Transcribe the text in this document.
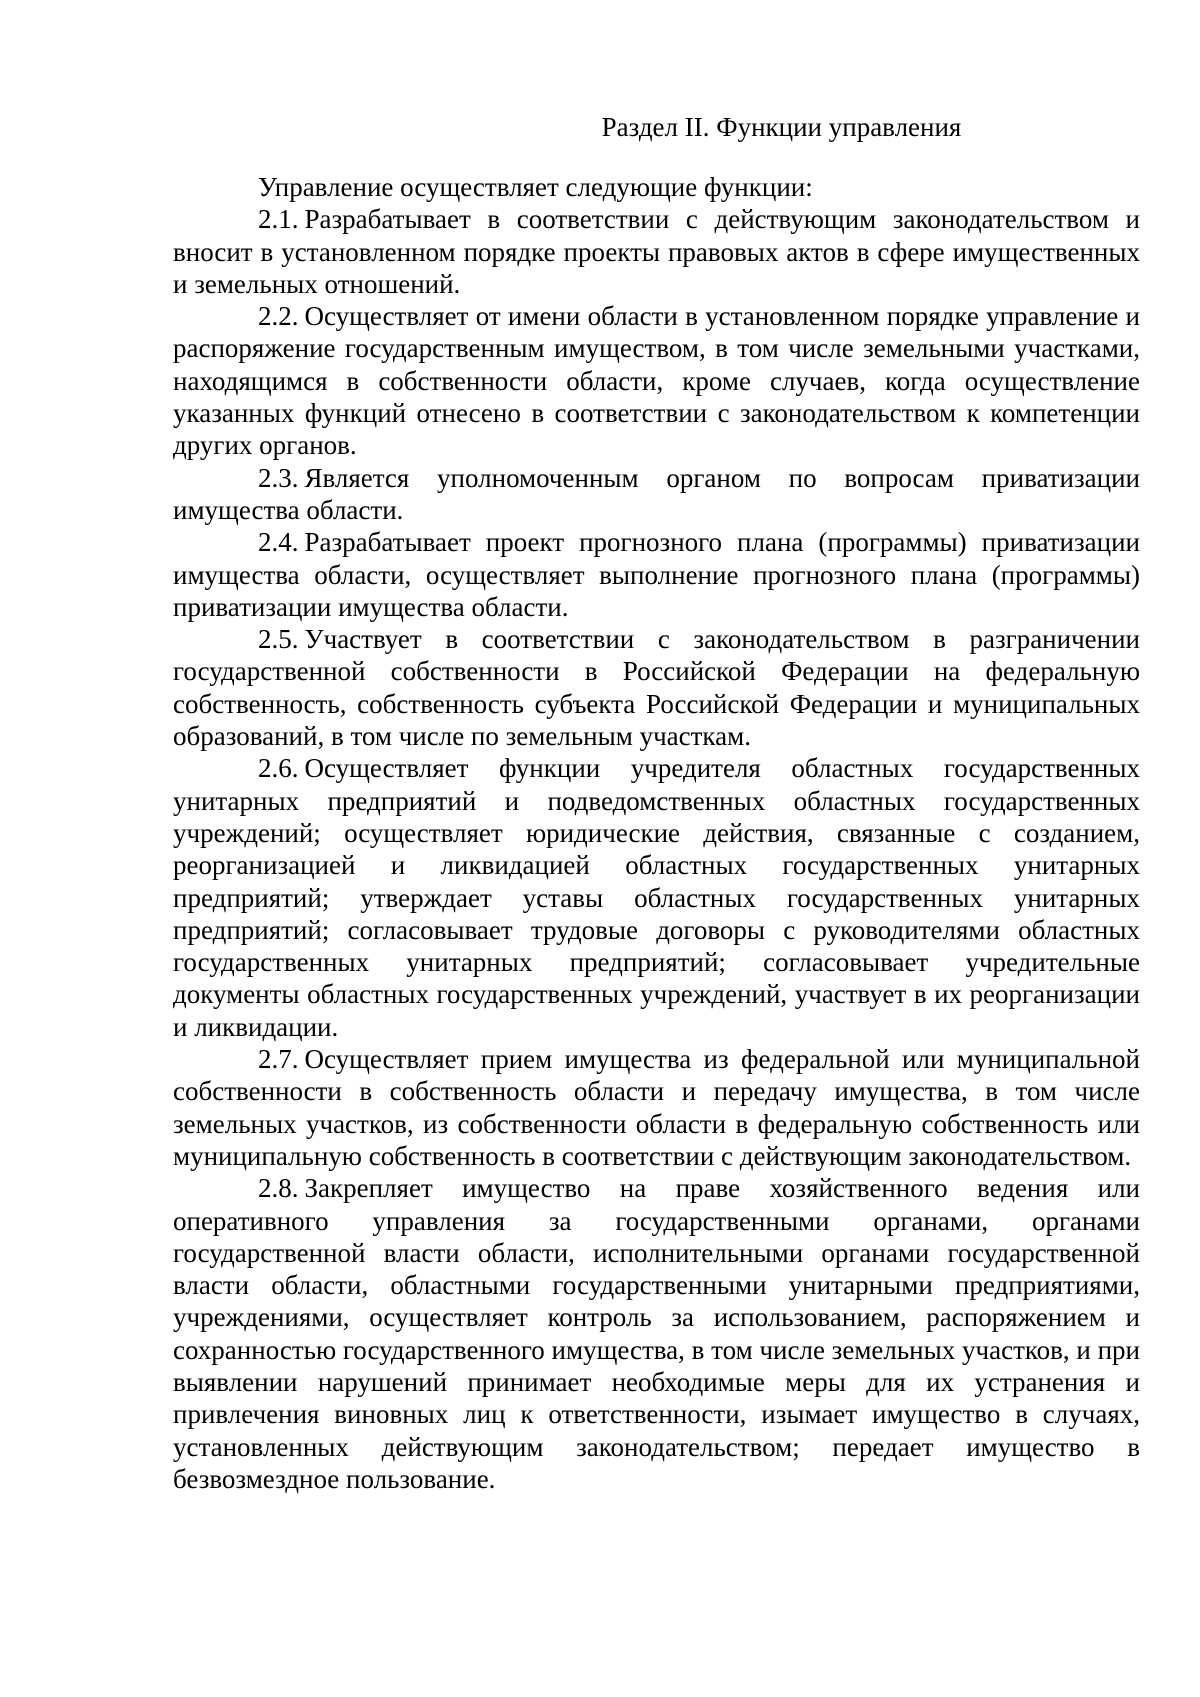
Раздел II. Функции управления

Управление осуществляет следующие функции:

2.1. Разрабатывает в соответствии с действующим законодательством и вносит в установленном порядке проекты правовых актов в сфере имущественных и земельных отношений.

2.2. Осуществляет от имени области в установленном порядке управление и распоряжение государственным имуществом, в том числе земельными участками, находящимся в собственности области, кроме случаев, когда осуществление указанных функций отнесено в соответствии с законодательством к компетенции других органов.

2.3. Является уполномоченным органом по вопросам приватизации имущества области.

2.4. Разрабатывает проект прогнозного плана (программы) приватизации имущества области, осуществляет выполнение прогнозного плана (программы) приватизации имущества области.

2.5. Участвует в соответствии с законодательством в разграничении государственной собственности в Российской Федерации на федеральную собственность, собственность субъекта Российской Федерации и муниципальных образований, в том числе по земельным участкам.

2.6. Осуществляет функции учредителя областных государственных унитарных предприятий и подведомственных областных государственных учреждений; осуществляет юридические действия, связанные с созданием, реорганизацией и ликвидацией областных государственных унитарных предприятий; утверждает уставы областных государственных унитарных предприятий; согласовывает трудовые договоры с руководителями областных государственных унитарных предприятий; согласовывает учредительные документы областных государственных учреждений, участвует в их реорганизации и ликвидации.

2.7. Осуществляет прием имущества из федеральной или муниципальной собственности в собственность области и передачу имущества, в том числе земельных участков, из собственности области в федеральную собственность или муниципальную собственность в соответствии с действующим законодательством.

2.8. Закрепляет имущество на праве хозяйственного ведения или оперативного управления за государственными органами, органами государственной власти области, исполнительными органами государственной власти области, областными государственными унитарными предприятиями, учреждениями, осуществляет контроль за использованием, распоряжением и сохранностью государственного имущества, в том числе земельных участков, и при выявлении нарушений принимает необходимые меры для их устранения и привлечения виновных лиц к ответственности, изымает имущество в случаях, установленных действующим законодательством; передает имущество в безвозмездное пользование.
